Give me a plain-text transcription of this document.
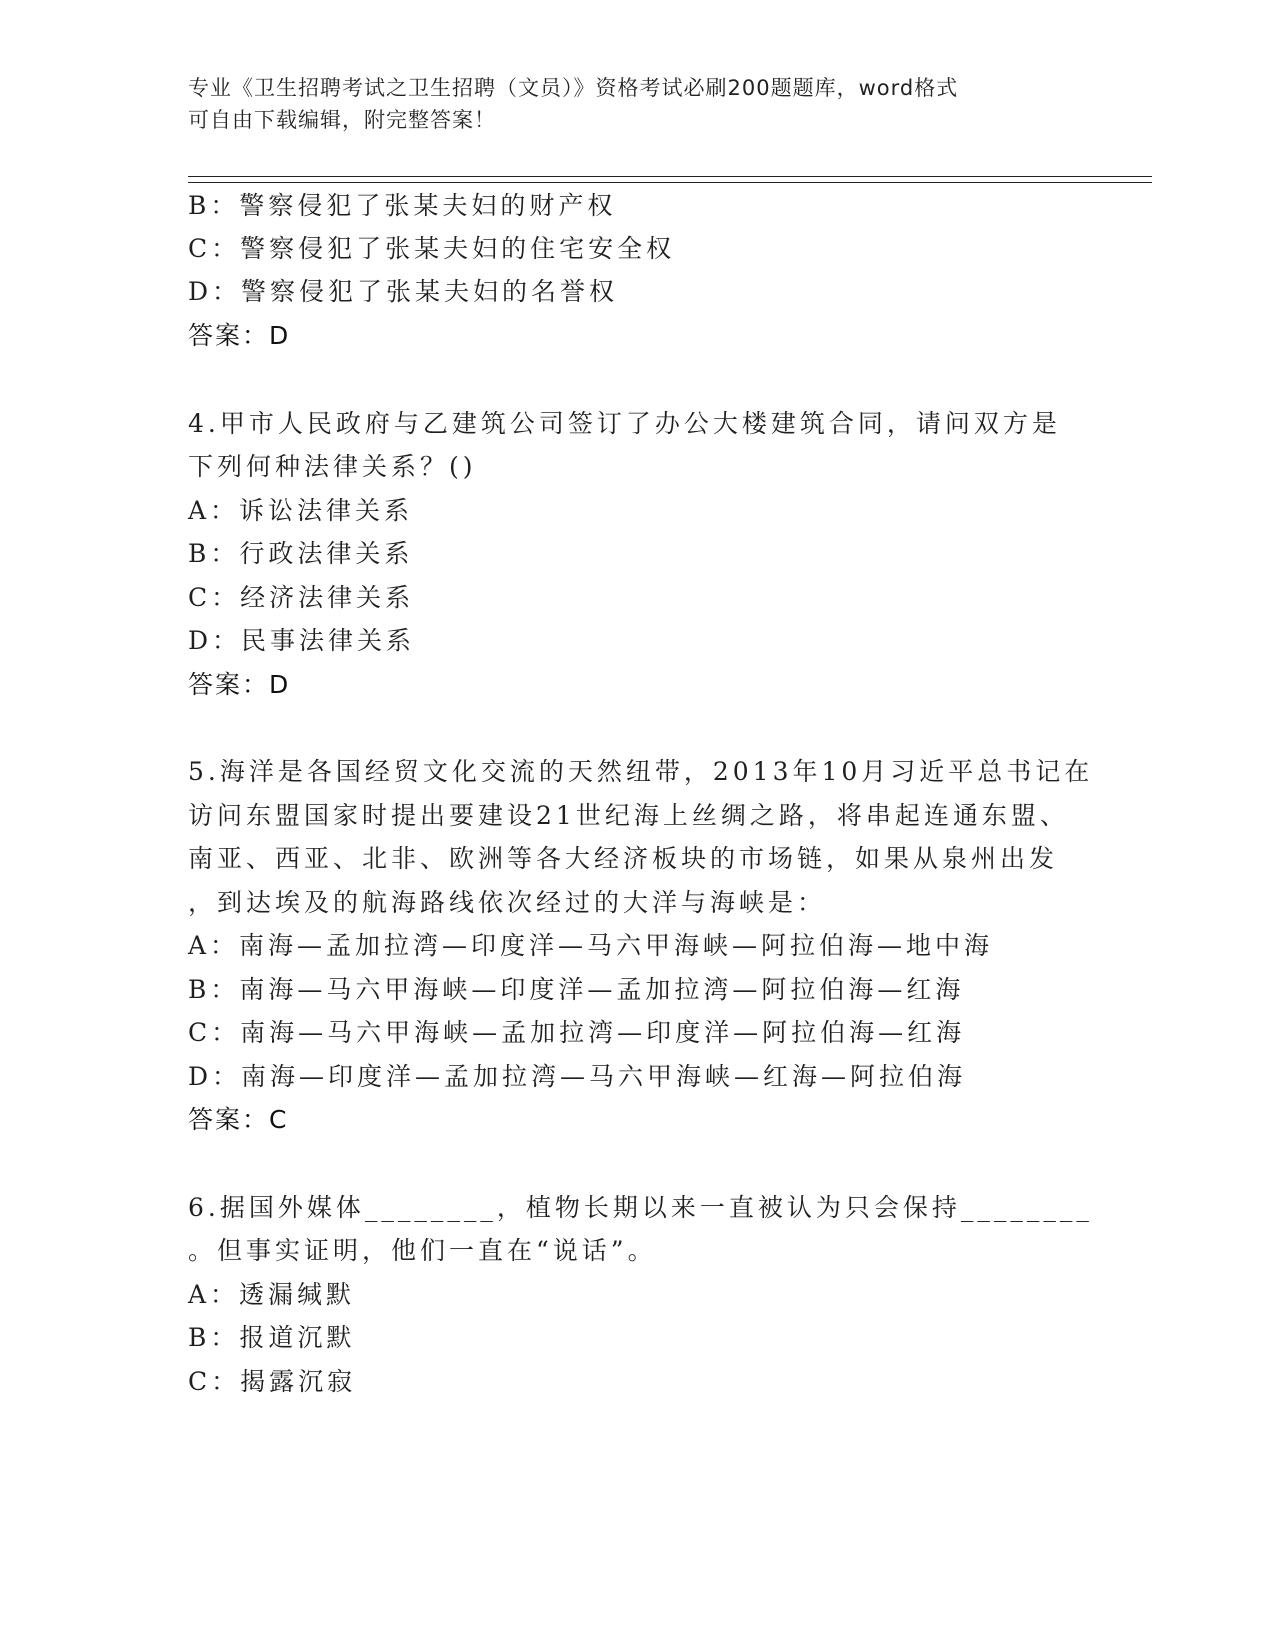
专业《卫生招聘考试之卫生招聘（文员）》资格考试必刷200题题库，word格式
可自由下载编辑，附完整答案！
B：警察侵犯了张某夫妇的财产权
C：警察侵犯了张某夫妇的住宅安全权
D：警察侵犯了张某夫妇的名誉权
答案：D
4.甲市人民政府与乙建筑公司签订了办公大楼建筑合同，请问双方是
下列何种法律关系？()
A：诉讼法律关系
B：行政法律关系
C：经济法律关系
D：民事法律关系
答案：D
5.海洋是各国经贸文化交流的天然纽带，2013年10月习近平总书记在
访问东盟国家时提出要建设21世纪海上丝绸之路，将串起连通东盟、
南亚、西亚、北非、欧洲等各大经济板块的市场链，如果从泉州出发
，到达埃及的航海路线依次经过的大洋与海峡是：
A：南海—孟加拉湾—印度洋—马六甲海峡—阿拉伯海—地中海
B：南海—马六甲海峡—印度洋—孟加拉湾—阿拉伯海—红海
C：南海—马六甲海峡—孟加拉湾—印度洋—阿拉伯海—红海
D：南海—印度洋—孟加拉湾—马六甲海峡—红海—阿拉伯海
答案：C
6.据国外媒体________，植物长期以来一直被认为只会保持________
。但事实证明，他们一直在“说话”。
A：透漏缄默
B：报道沉默
C：揭露沉寂
